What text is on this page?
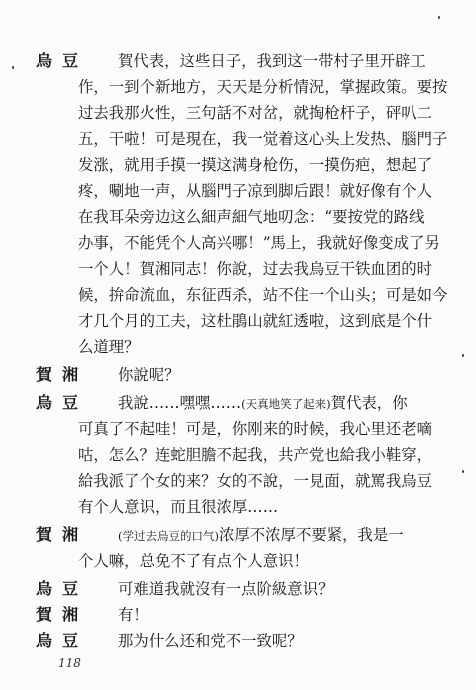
烏豆 賀代表，这些日子，我到这一带村子里开辟工
作，一到个新地方，天天是分析情況，掌握政策。要按
过去我那火性，三句話不对岔，就掏枪杆子，砰叭二
五，干啦！可是現在，我一觉着这心头上发热、腦門子
发涨，就用手摸一摸这满身枪伤，一摸伤疤，想起了
疼，唰地一声，从腦門子凉到脚后跟！就好像有个人
在我耳朵旁边这么細声細气地叨念：“要按党的路线
办事，不能凭个人高兴哪！”馬上，我就好像变成了另
一个人！賀湘同志！你說，过去我烏豆干铁血团的时
候，拚命流血，东征西杀，站不住一个山头；可是如今
才几个月的工夫，这杜鵑山就紅透啦，这到底是个什
么道理？
賀湘 你說呢？
烏豆 我說……嘿嘿……(天真地笑了起来)賀代表，你
可真了不起哇！可是，你刚来的时候，我心里还老嘀
咕，怎么？连蛇胆膽不起我，共产党也給我小鞋穿，
給我派了个女的来？女的不說，一見面，就罵我烏豆
有个人意识，而且很浓厚……
賀湘	(学过去烏豆的口气)浓厚不浓厚不要紧，我是一
个人嘛，总免不了有点个人意识！
烏豆 可难道我就沒有一点阶級意识？
賀湘 有！
烏豆 那为什么还和党不一致呢？
118
